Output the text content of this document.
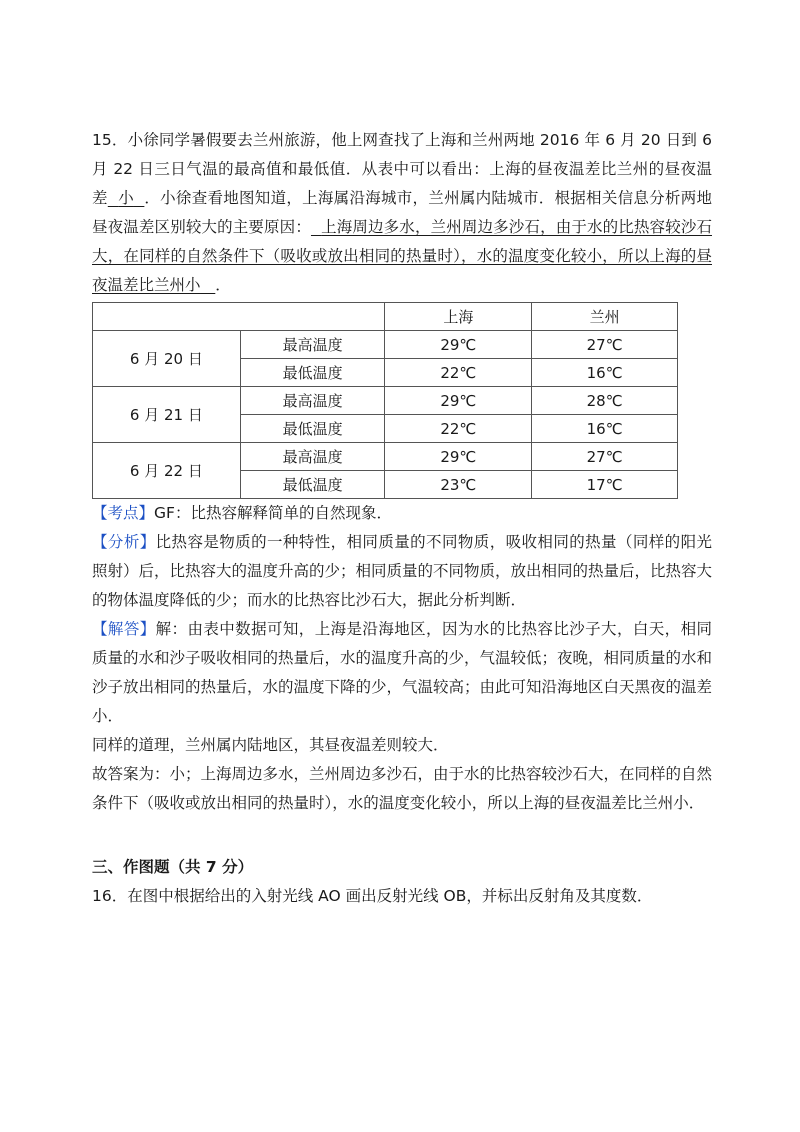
15．小徐同学暑假要去兰州旅游，他上网查找了上海和兰州两地 2016 年 6 月 20 日到 6 月 22 日三日气温的最高值和最低值．从表中可以看出：上海的昼夜温差比兰州的昼夜温差 小 ．小徐查看地图知道，上海属沿海城市，兰州属内陆城市．根据相关信息分析两地昼夜温差区别较大的主要原因： 上海周边多水，兰州周边多沙石，由于水的比热容较沙石大，在同样的自然条件下（吸收或放出相同的热量时），水的温度变化较小，所以上海的昼夜温差比兰州小 ．

		上海	兰州
6 月 20 日	最高温度	29℃	27℃
	最低温度	22℃	16℃
6 月 21 日	最高温度	29℃	28℃
	最低温度	22℃	16℃
6 月 22 日	最高温度	29℃	27℃
	最低温度	23℃	17℃

【考点】GF：比热容解释简单的自然现象．

【分析】比热容是物质的一种特性，相同质量的不同物质，吸收相同的热量（同样的阳光照射）后，比热容大的温度升高的少；相同质量的不同物质，放出相同的热量后，比热容大的物体温度降低的少；而水的比热容比沙石大，据此分析判断．

【解答】解：由表中数据可知，上海是沿海地区，因为水的比热容比沙子大，白天，相同质量的水和沙子吸收相同的热量后，水的温度升高的少，气温较低；夜晚，相同质量的水和沙子放出相同的热量后，水的温度下降的少，气温较高；由此可知沿海地区白天黑夜的温差小．

同样的道理，兰州属内陆地区，其昼夜温差则较大．

故答案为：小；上海周边多水，兰州周边多沙石，由于水的比热容较沙石大，在同样的自然条件下（吸收或放出相同的热量时），水的温度变化较小，所以上海的昼夜温差比兰州小．

三、作图题（共 7 分）

16．在图中根据给出的入射光线 AO 画出反射光线 OB，并标出反射角及其度数．
